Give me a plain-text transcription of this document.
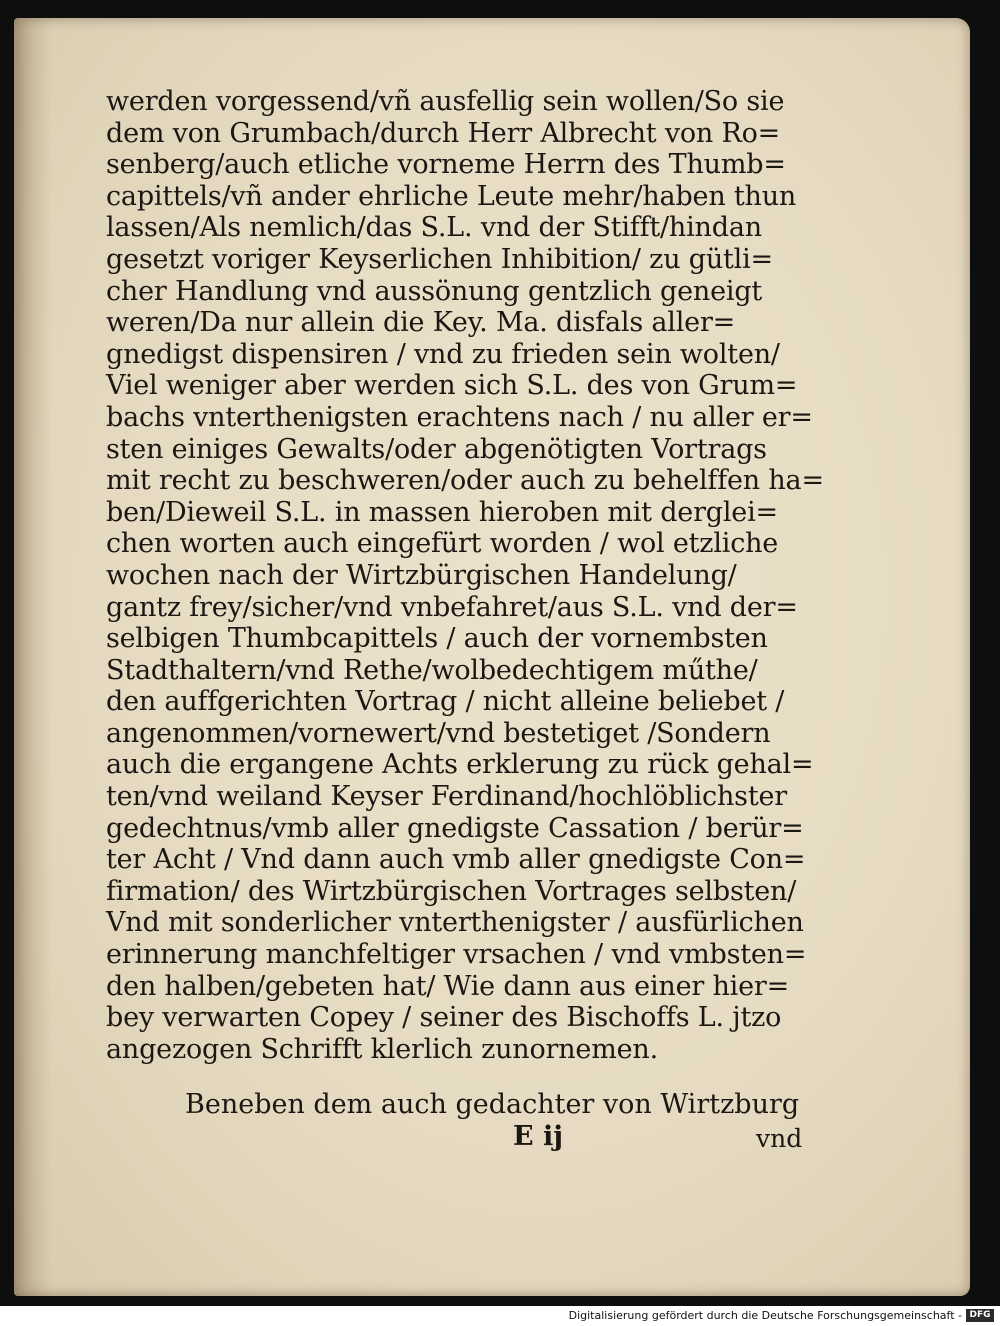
werden vorgessend/vñ ausfellig sein wollen/So sie
dem von Grumbach/durch Herr Albrecht von Ro=
senberg/auch etliche vorneme Herrn des Thumb=
capittels/vñ ander ehrliche Leute mehr/haben thun
lassen/Als nemlich/das S.L. vnd der Stifft/hindan
gesetzt voriger Keyserlichen Inhibition/ zu gütli=
cher Handlung vnd aussönung gentzlich geneigt
weren/Da nur allein die Key. Ma. disfals aller=
gnedigst dispensiren / vnd zu frieden sein wolten/
Viel weniger aber werden sich S.L. des von Grum=
bachs vnterthenigsten erachtens nach / nu aller er=
sten einiges Gewalts/oder abgenötigten Vortrags
mit recht zu beschweren/oder auch zu behelffen ha=
ben/Dieweil S.L. in massen hieroben mit derglei=
chen worten auch eingefürt worden / wol etzliche
wochen nach der Wirtzbürgischen Handelung/
gantz frey/sicher/vnd vnbefahret/aus S.L. vnd der=
selbigen Thumbcapittels / auch der vornembsten
Stadthaltern/vnd Rethe/wolbedechtigem műthe/
den auffgerichten Vortrag / nicht alleine beliebet /
angenommen/vornewert/vnd bestetiget /Sondern
auch die ergangene Achts erklerung zu rück gehal=
ten/vnd weiland Keyser Ferdinand/hochlöblichster
gedechtnus/vmb aller gnedigste Cassation / berür=
ter Acht / Vnd dann auch vmb aller gnedigste Con=
firmation/ des Wirtzbürgischen Vortrages selbsten/
Vnd mit sonderlicher vnterthenigster / ausfürlichen
erinnerung manchfeltiger vrsachen / vnd vmbsten=
den halben/gebeten hat/ Wie dann aus einer hier=
bey verwarten Copey / seiner des Bischoffs L. jtzo
angezogen Schrifft klerlich zunornemen.
Beneben dem auch gedachter von Wirtzburg
E ij	vnd
Digitalisierung gefördert durch die Deutsche Forschungsgemeinschaft - DFG
